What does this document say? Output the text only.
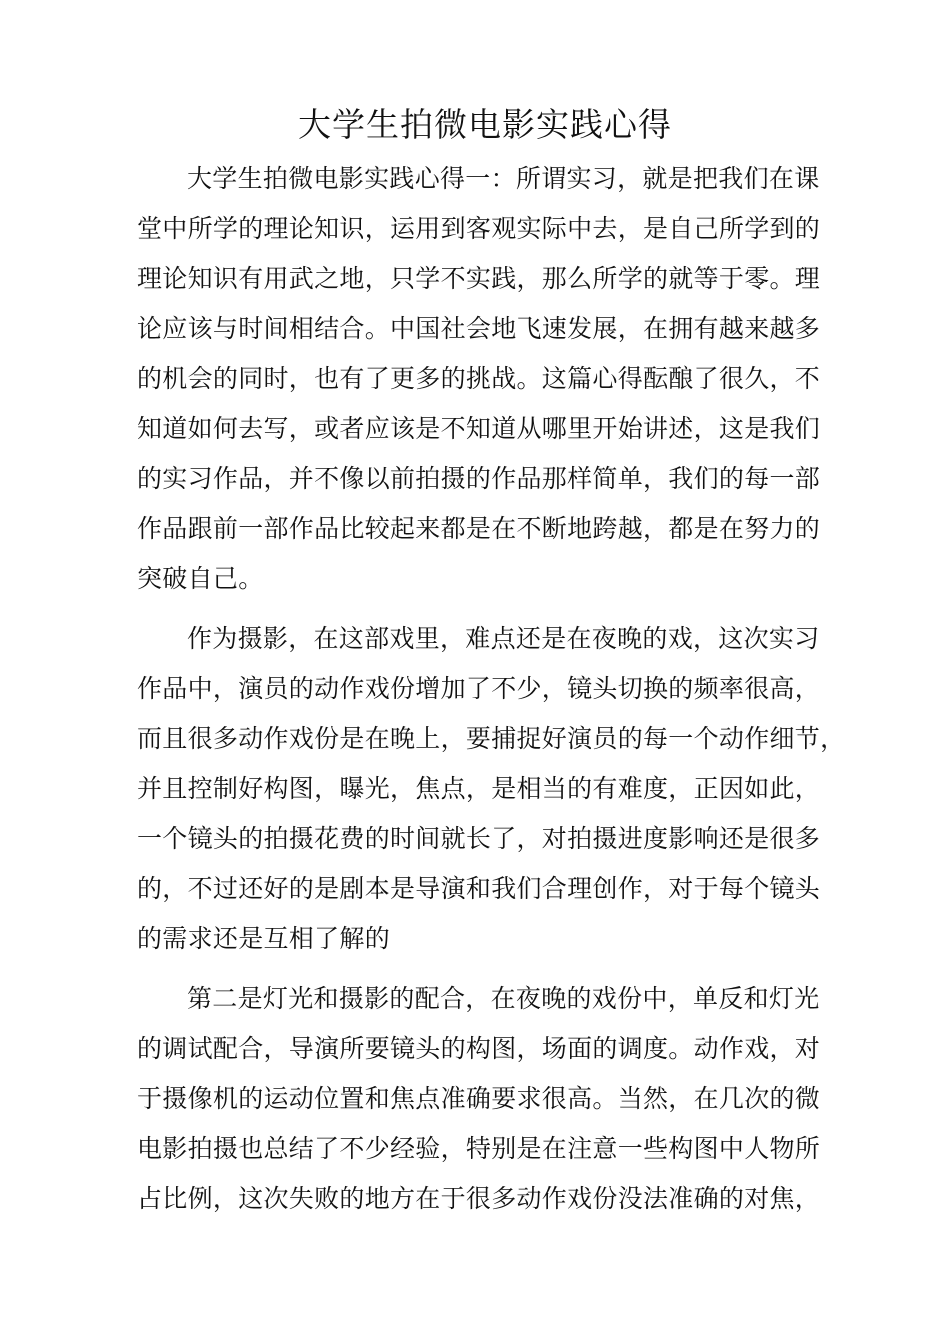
大学生拍微电影实践心得
大学生拍微电影实践心得一：所谓实习，就是把我们在课
堂中所学的理论知识，运用到客观实际中去，是自己所学到的
理论知识有用武之地，只学不实践，那么所学的就等于零。理
论应该与时间相结合。中国社会地飞速发展，在拥有越来越多
的机会的同时，也有了更多的挑战。这篇心得酝酿了很久，不
知道如何去写，或者应该是不知道从哪里开始讲述，这是我们
的实习作品，并不像以前拍摄的作品那样简单，我们的每一部
作品跟前一部作品比较起来都是在不断地跨越，都是在努力的
突破自己。
作为摄影，在这部戏里，难点还是在夜晚的戏，这次实习
作品中，演员的动作戏份增加了不少，镜头切换的频率很高，
而且很多动作戏份是在晚上，要捕捉好演员的每一个动作细节，
并且控制好构图，曝光，焦点，是相当的有难度，正因如此，
一个镜头的拍摄花费的时间就长了，对拍摄进度影响还是很多
的，不过还好的是剧本是导演和我们合理创作，对于每个镜头
的需求还是互相了解的
第二是灯光和摄影的配合，在夜晚的戏份中，单反和灯光
的调试配合，导演所要镜头的构图，场面的调度。动作戏，对
于摄像机的运动位置和焦点准确要求很高。当然，在几次的微
电影拍摄也总结了不少经验，特别是在注意一些构图中人物所
占比例，这次失败的地方在于很多动作戏份没法准确的对焦，
